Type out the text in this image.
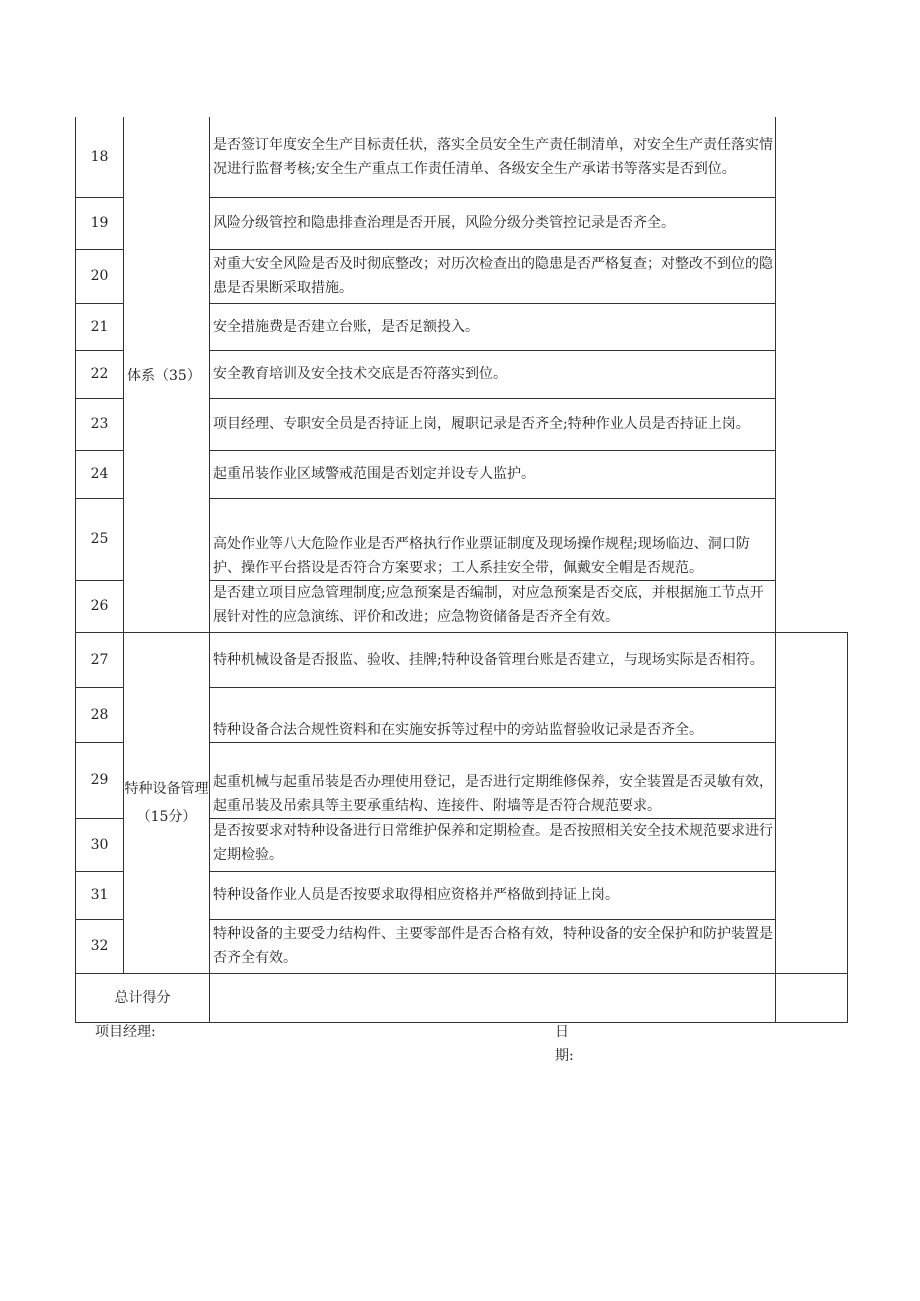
18	体系（35）	是否签订年度安全生产目标责任状，落实全员安全生产责任制清单，对安全生产责任落实情况进行监督考核;安全生产重点工作责任清单、各级安全生产承诺书等落实是否到位。	
19		风险分级管控和隐患排查治理是否开展，风险分级分类管控记录是否齐全。	
20		对重大安全风险是否及时彻底整改；对历次检查出的隐患是否严格复查；对整改不到位的隐患是否果断采取措施。	
21		安全措施费是否建立台账，是否足额投入。	
22		安全教育培训及安全技术交底是否符落实到位。	
23		项目经理、专职安全员是否持证上岗，履职记录是否齐全;特种作业人员是否持证上岗。	
24		起重吊装作业区域警戒范围是否划定并设专人监护。	
25		高处作业等八大危险作业是否严格执行作业票证制度及现场操作规程;现场临边、洞口防护、操作平台搭设是否符合方案要求；工人系挂安全带，佩戴安全帽是否规范。	
26		是否建立项目应急管理制度;应急预案是否编制，对应急预案是否交底，并根据施工节点开展针对性的应急演练、评价和改进；应急物资储备是否齐全有效。	
27	特种设备管理（15分）	特种机械设备是否报监、验收、挂牌;特种设备管理台账是否建立，与现场实际是否相符。	
28		特种设备合法合规性资料和在实施安拆等过程中的旁站监督验收记录是否齐全。	
29		起重机械与起重吊装是否办理使用登记，是否进行定期维修保养，安全装置是否灵敏有效，起重吊装及吊索具等主要承重结构、连接件、附墙等是否符合规范要求。	
30		是否按要求对特种设备进行日常维护保养和定期检查。是否按照相关安全技术规范要求进行定期检验。	
31		特种设备作业人员是否按要求取得相应资格并严格做到持证上岗。	
32		特种设备的主要受力结构件、主要零部件是否合格有效，特种设备的安全保护和防护装置是否齐全有效。	
总计得分			
项目经理:	日期:
